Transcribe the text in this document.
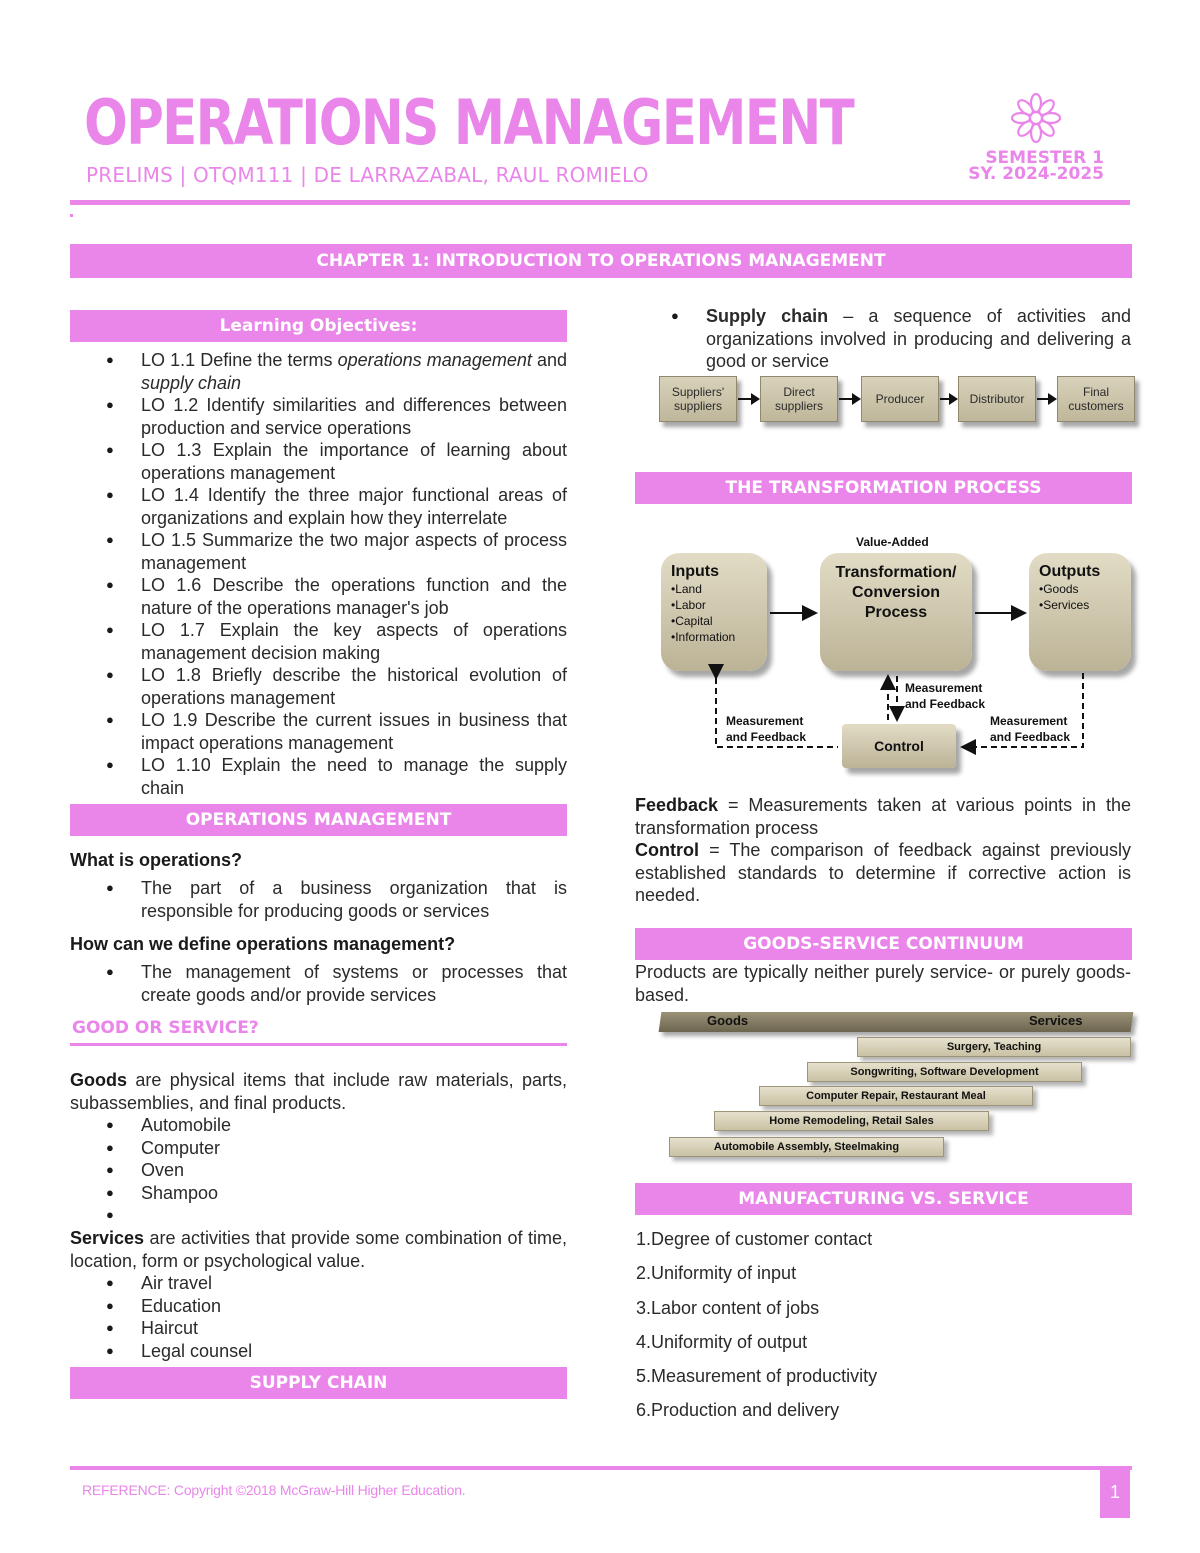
OPERATIONS MANAGEMENT
PRELIMS | OTQM111 | DE LARRAZABAL, RAUL ROMIELO
SEMESTER 1
SY. 2024-2025
CHAPTER 1: INTRODUCTION TO OPERATIONS MANAGEMENT
Learning Objectives:
● LO 1.1 Define the terms operations management and supply chain
● LO 1.2 Identify similarities and differences between production and service operations
● LO 1.3 Explain the importance of learning about operations management
● LO 1.4 Identify the three major functional areas of organizations and explain how they interrelate
● LO 1.5 Summarize the two major aspects of process management
● LO 1.6 Describe the operations function and the nature of the operations manager's job
● LO 1.7 Explain the key aspects of operations management decision making
● LO 1.8 Briefly describe the historical evolution of operations management
● LO 1.9 Describe the current issues in business that impact operations management
● LO 1.10 Explain the need to manage the supply chain
OPERATIONS MANAGEMENT
What is operations?
● The part of a business organization that is responsible for producing goods or services
How can we define operations management?
● The management of systems or processes that create goods and/or provide services
GOOD OR SERVICE?
Goods are physical items that include raw materials, parts, subassemblies, and final products.
● Automobile
● Computer
● Oven
● Shampoo
●
Services are activities that provide some combination of time, location, form or psychological value.
● Air travel
● Education
● Haircut
● Legal counsel
SUPPLY CHAIN
● Supply chain – a sequence of activities and organizations involved in producing and delivering a good or service
Suppliers' suppliers
Direct suppliers	Producer	Distributor	Final customers
THE TRANSFORMATION PROCESS
Value-Added
Inputs
•Land
•Labor
•Capital
•Information
Transformation/ Conversion Process
Outputs
•Goods
•Services
Measurement and Feedback
Measurement and Feedback
Measurement and Feedback
Control
Feedback = Measurements taken at various points in the transformation process
Control = The comparison of feedback against previously established standards to determine if corrective action is needed.
GOODS-SERVICE CONTINUUM
Products are typically neither purely service- or purely goods-based.
Goods	Services
Surgery, Teaching
Songwriting, Software Development
Computer Repair, Restaurant Meal
Home Remodeling, Retail Sales
Automobile Assembly, Steelmaking
MANUFACTURING VS. SERVICE
1.Degree of customer contact
2.Uniformity of input
3.Labor content of jobs
4.Uniformity of output
5.Measurement of productivity
6.Production and delivery
REFERENCE: Copyright ©2018 McGraw-Hill Higher Education.	1
